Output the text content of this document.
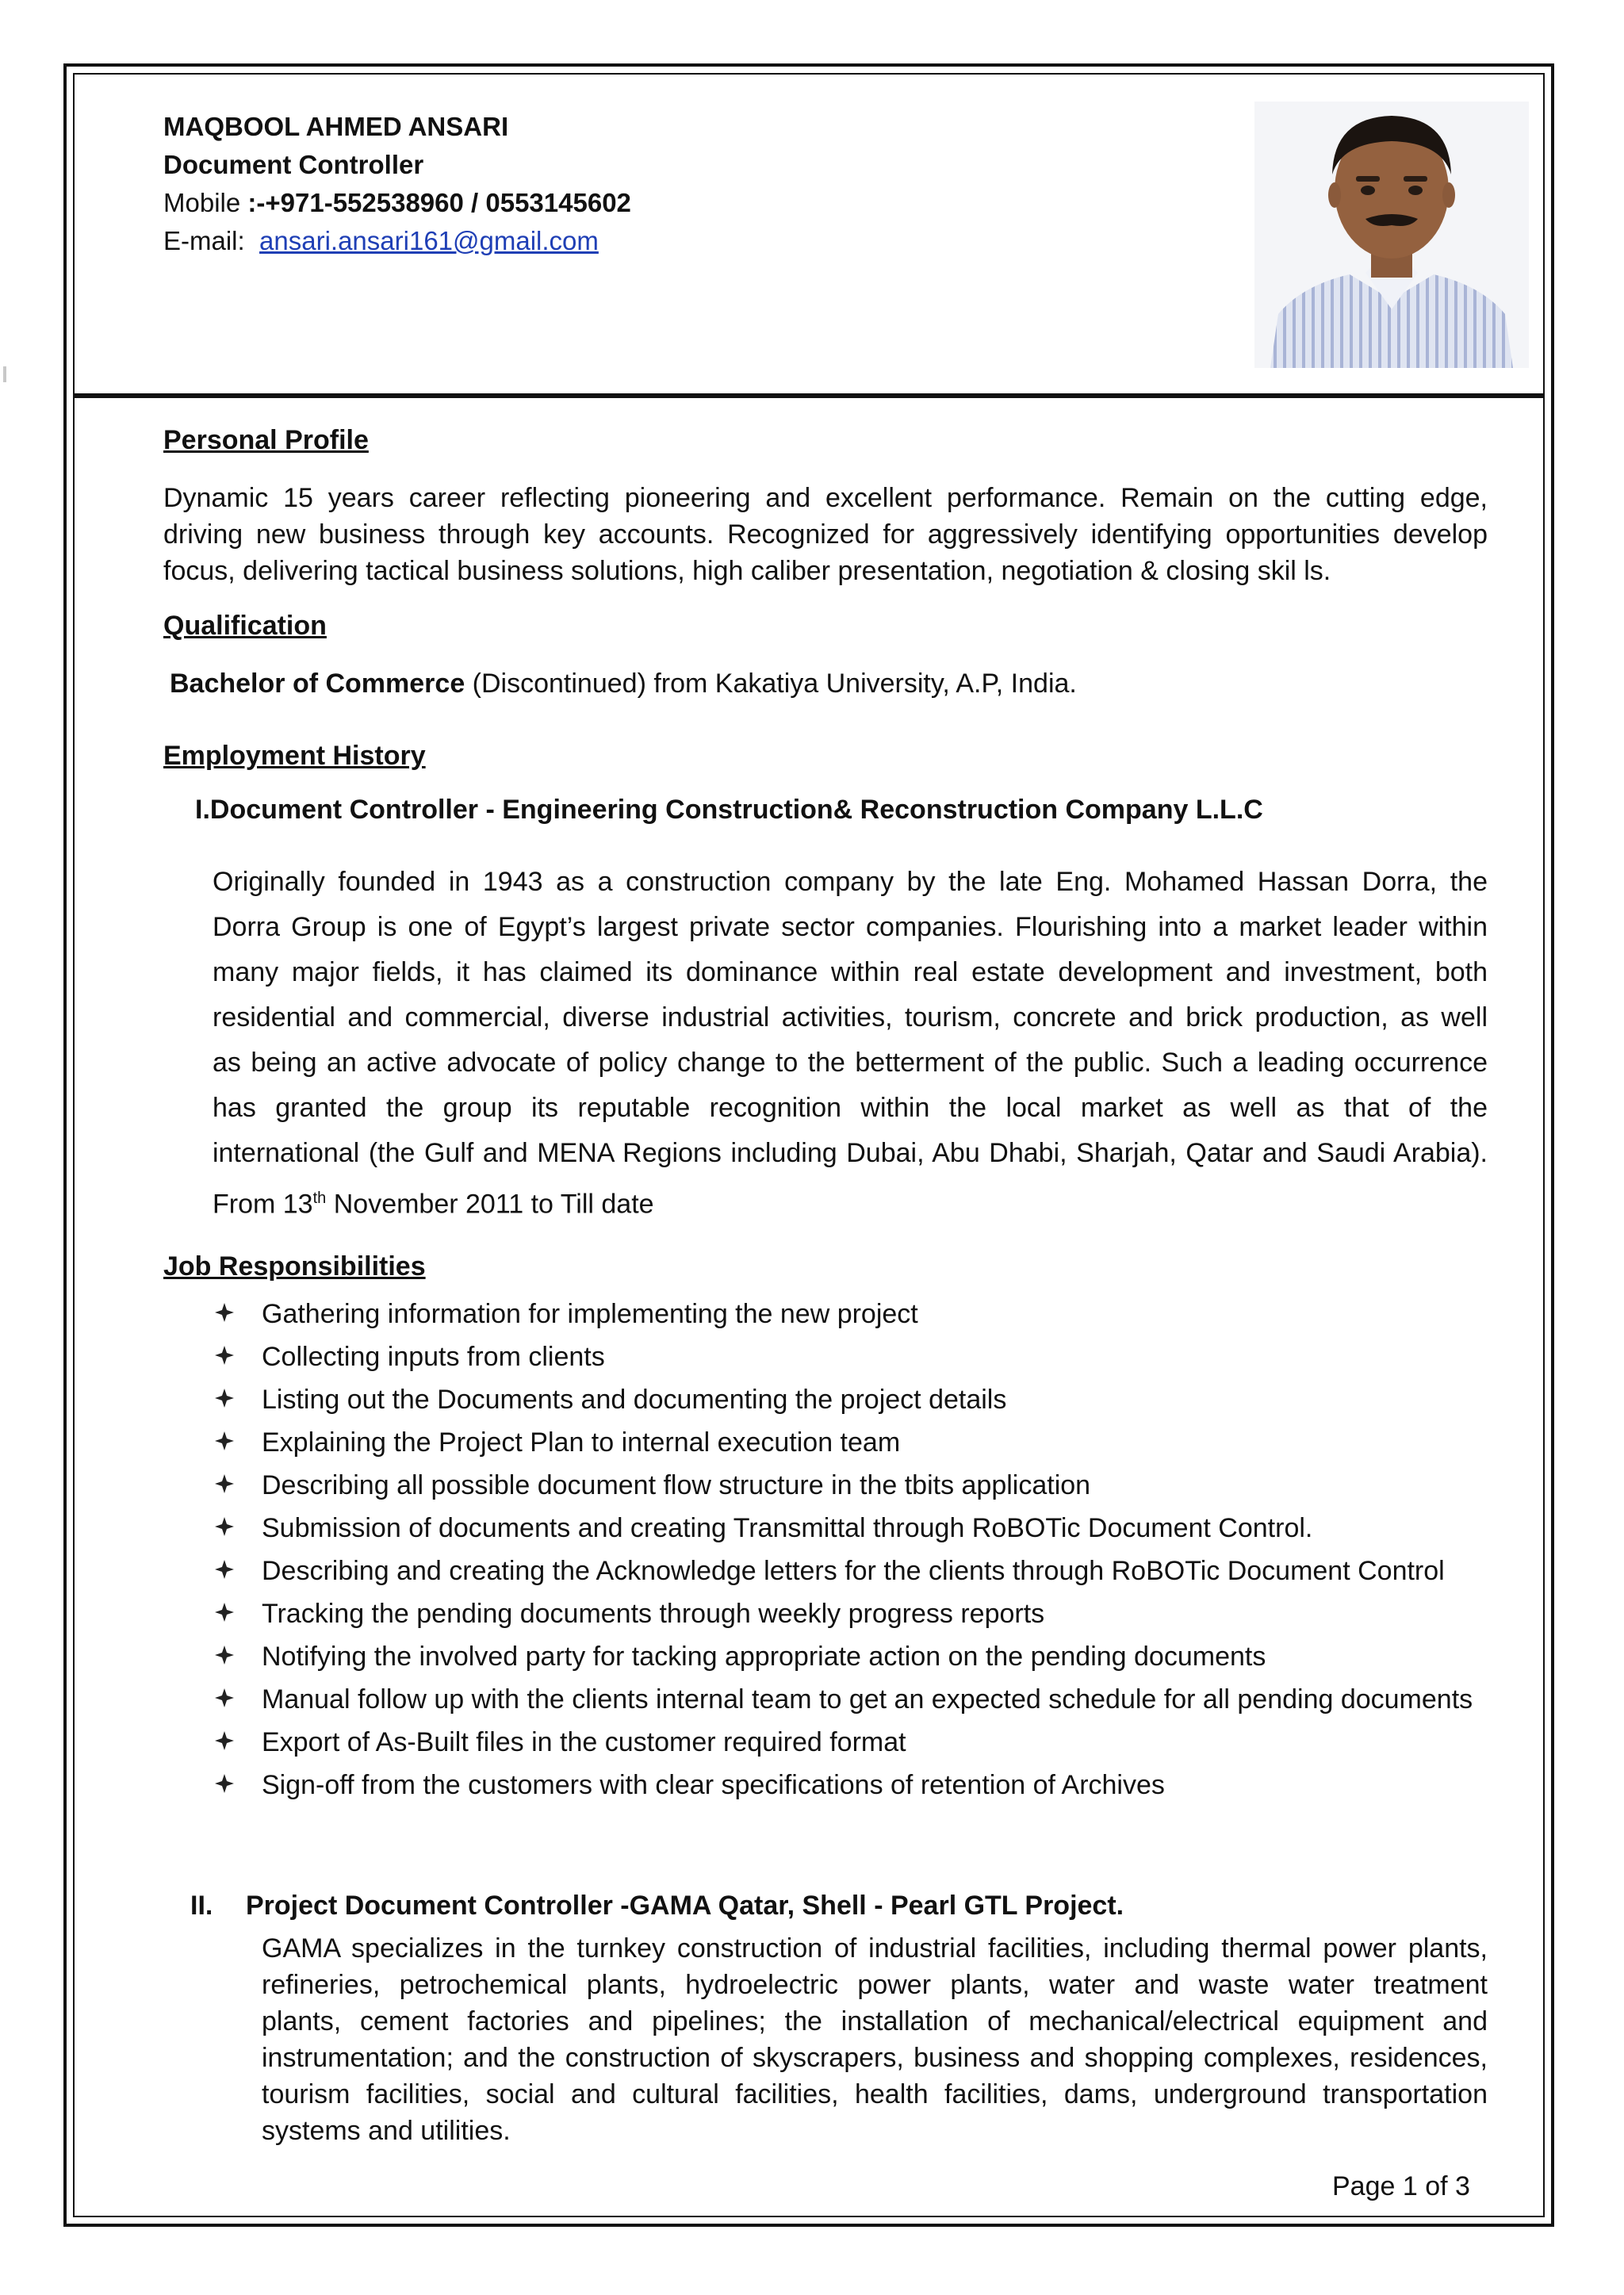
MAQBOOL AHMED ANSARI
Document Controller
Mobile :-+971-552538960 / 0553145602
E-mail: ansari.ansari161@gmail.com
Personal Profile

Dynamic 15 years career reflecting pioneering and excellent performance. Remain on the cutting edge,

driving new business through key accounts. Recognized for aggressively identifying opportunities develop

focus, delivering tactical business solutions, high caliber presentation, negotiation & closing skil ls.

Qualification
Bachelor of Commerce (Discontinued) from Kakatiya University, A.P, India.
Employment History
I.Document Controller - Engineering Construction& Reconstruction Company L.L.C

Originally founded in 1943 as a construction company by the late Eng. Mohamed Hassan Dorra, the

Dorra Group is one of Egypt’s largest private sector companies. Flourishing into a market leader within

many major fields, it has claimed its dominance within real estate development and investment, both

residential and commercial, diverse industrial activities, tourism, concrete and brick production, as well

as being an active advocate of policy change to the betterment of the public. Such a leading occurrence

has granted the group its reputable recognition within the local market as well as that of the

international (the Gulf and MENA Regions including Dubai, Abu Dhabi, Sharjah, Qatar and Saudi Arabia).

From 13th November 2011 to Till date

Job Responsibilities
Gathering information for implementing the new project
Collecting inputs from clients
Listing out the Documents and documenting the project details
Explaining the Project Plan to internal execution team
Describing all possible document flow structure in the tbits application
Submission of documents and creating Transmittal through RoBOTic Document Control.
Describing and creating the Acknowledge letters for the clients through RoBOTic Document Control
Tracking the pending documents through weekly progress reports
Notifying the involved party for tacking appropriate action on the pending documents
Manual follow up with the clients internal team to get an expected schedule for all pending documents
Export of As-Built files in the customer required format
Sign-off from the customers with clear specifications of retention of Archives
II. Project Document Controller -GAMA Qatar, Shell - Pearl GTL Project.

GAMA specializes in the turnkey construction of industrial facilities, including thermal power plants,

refineries, petrochemical plants, hydroelectric power plants, water and waste water treatment

plants, cement factories and pipelines; the installation of mechanical/electrical equipment and

instrumentation; and the construction of skyscrapers, business and shopping complexes, residences,

tourism facilities, social and cultural facilities, health facilities, dams, underground transportation

systems and utilities.

Page 1 of 3
